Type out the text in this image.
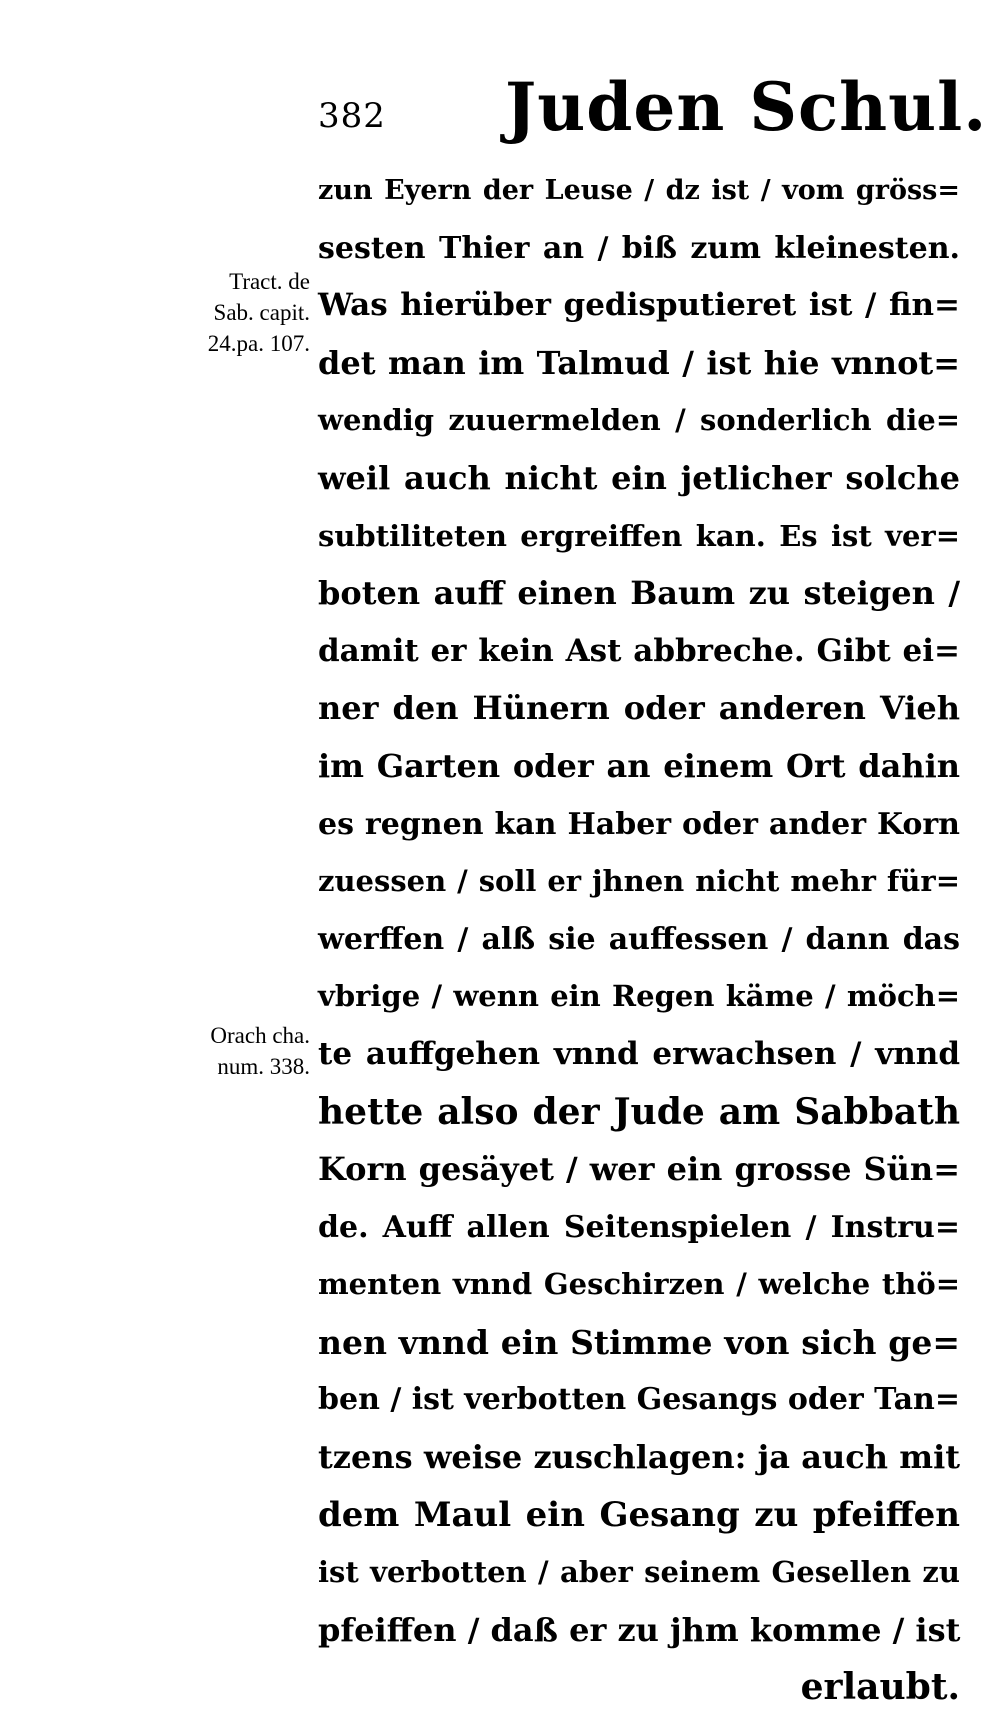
382 Juden Schul.
Tract. de
Sab. capit.
24.pa. 107.
Orach cha.
num. 338.
zun Eyern der Leuse / dz ist / vom gröss=
sesten Thier an / biß zum kleinesten.
Was hierüber gedisputieret ist / fin=
det man im Talmud / ist hie vnnot=
wendig zuuermelden / sonderlich die=
weil auch nicht ein jetlicher solche
subtiliteten ergreiffen kan. Es ist ver=
boten auff einen Baum zu steigen /
damit er kein Ast abbreche. Gibt ei=
ner den Hünern oder anderen Vieh
im Garten oder an einem Ort dahin
es regnen kan Haber oder ander Korn
zuessen / soll er jhnen nicht mehr für=
werffen / alß sie auffessen / dann das
vbrige / wenn ein Regen käme / möch=
te auffgehen vnnd erwachsen / vnnd
hette also der Jude am Sabbath
Korn gesäyet / wer ein grosse Sün=
de. Auff allen Seitenspielen / Instru=
menten vnnd Geschirzen / welche thö=
nen vnnd ein Stimme von sich ge=
ben / ist verbotten Gesangs oder Tan=
tzens weise zuschlagen: ja auch mit
dem Maul ein Gesang zu pfeiffen
ist verbotten / aber seinem Gesellen zu
pfeiffen / daß er zu jhm komme / ist
erlaubt.
